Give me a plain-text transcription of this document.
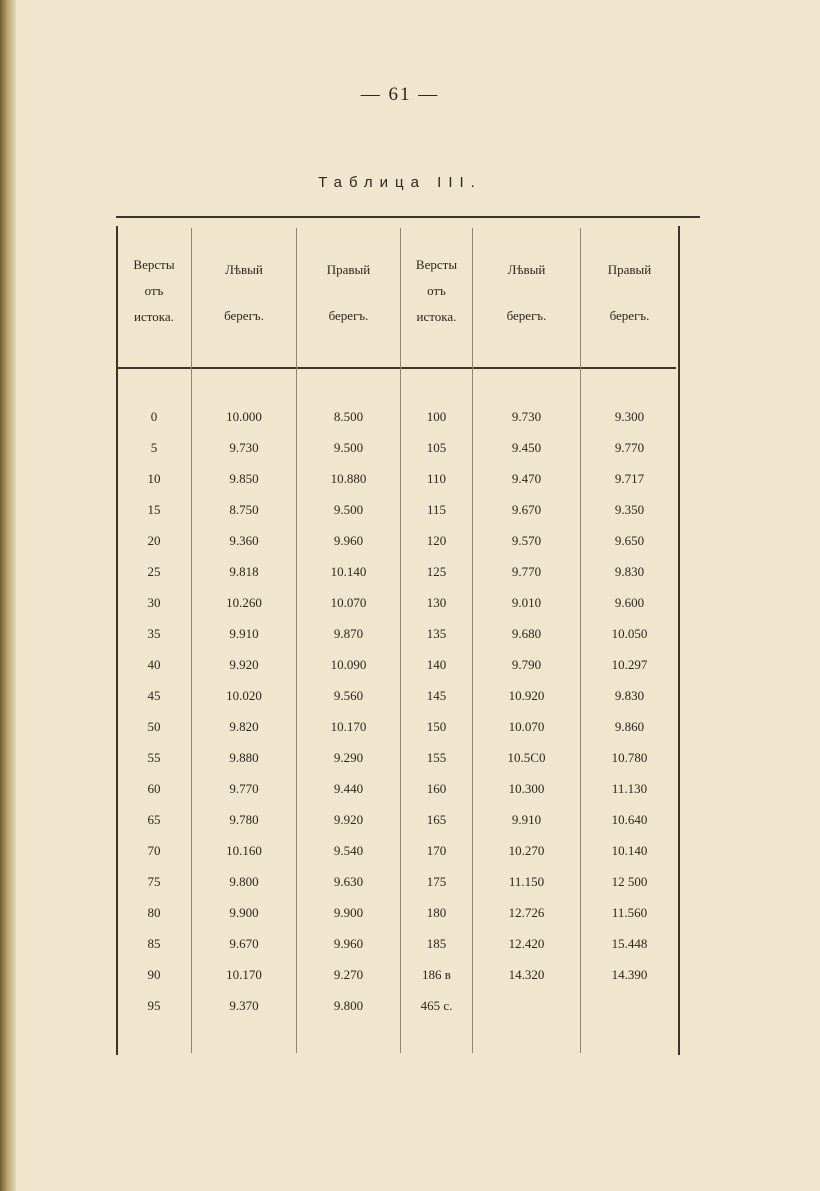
— 61 —
Таблица III.
Версты
отъ
истока.
Лѣвый
берегъ.
Правый
берегъ.
Версты
отъ
истока.
Лѣвый
берегъ.
Правый
берегъ.
0
5
10
15
20
25
30
35
40
45
50
55
60
65
70
75
80
85
90
95
10.000
9.730
9.850
8.750
9.360
9.818
10.260
9.910
9.920
10.020
9.820
9.880
9.770
9.780
10.160
9.800
9.900
9.670
10.170
9.370
8.500
9.500
10.880
9.500
9.960
10.140
10.070
9.870
10.090
9.560
10.170
9.290
9.440
9.920
9.540
9.630
9.900
9.960
9.270
9.800
100
105
110
115
120
125
130
135
140
145
150
155
160
165
170
175
180
185
186 в
9.730
9.450
9.470
9.670
9.570
9.770
9.010
9.680
9.790
10.920
10.070
10.5C0
10.300
9.910
10.270
11.150
12.726
12.420
14.320
9.300
9.770
9.717
9.350
9.650
9.830
9.600
10.050
10.297
9.830
9.860
10.780
11.130
10.640
10.140
12 500
11.560
15.448
14.390
465 с.
